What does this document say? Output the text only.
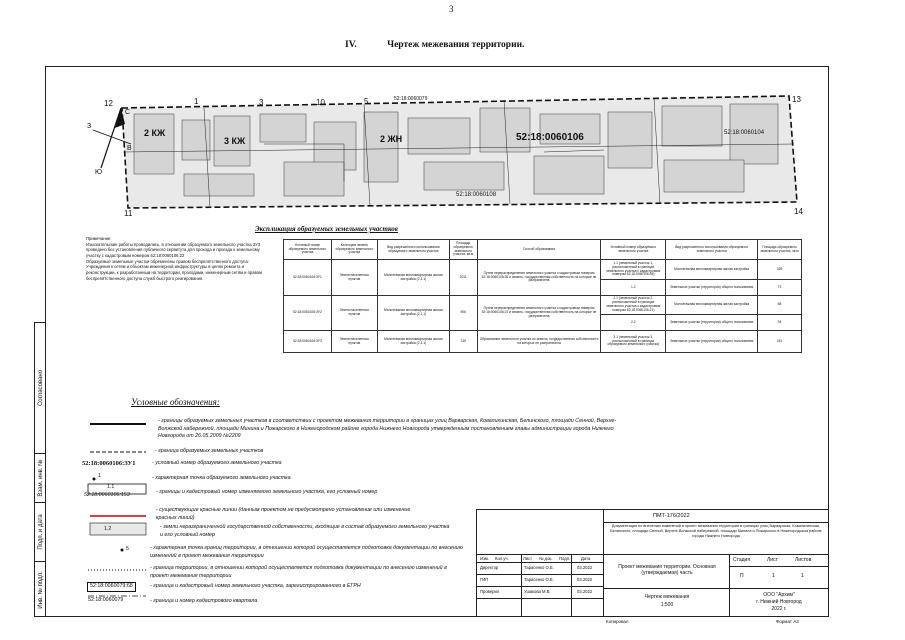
3
IV.	Чертеж межевания территории.
Согласовано
Взам. инв. №
Подп. и дата
Инв. № подл.
12	13
11	14
52:18:0060106
52:18:0060108
52:18:0060104
2 КЖ
3 КЖ	2 ЖН
52:18:0060079
1	3	10	5
С
З
В
Ю
Примечание:
Изыскательские работы проводились, в отношении образуемого земельного участка ЗУ3 проведено без установления публичного сервитута для прохода и проезда к земельному участку с кадастровым номером 52:18:0060106:22
Образуемые земельные участки обременены правом беспрепятственного доступа: Учреждения к сетям и объектам инженерной инфраструктуры в целях ремонта и реконструкции, к разработанным на территории, проходами, инженерным сетям и правом беспрепятственного доступа служб быстрого реагирования.
Экспликация образуемых земельных участков
Условный номер образуемого земельного участка	Категория земель образуемого земельного участка	Вид разрешенного использования образуемого земельного участка	Площадь образуемого земельного участка, кв.м	Способ образования	Условный номер образуемого земельного участка	Вид разрешенного использования образуемого земельного участка	Площадь образуемого земельного участка, кв.м
52:18:0060106:ЗУ1	Земли населенных пунктов	Малоэтажная многоквартирная жилая застройка (2.1.1)	2011	Путем перераспределения земельного участка с кадастровым номером 52:18:0060106:35 и земель, государственная собственность на которые не разграничена	1.1 (земельный участок 1, расположенный в границах земельного участка с кадастровым номером 52:18:0060106:35)	Малоэтажная многоквартирная жилая застройка	329
					1.2	Земельные участки (территории) общего пользования	73
52:18:0060106:ЗУ2	Земли населенных пунктов	Малоэтажная многоквартирная жилая застройка (2.1.1)	906	Путем перераспределения земельного участка с кадастровым номером 52:18:0060106:21 и земель, государственная собственность на которые не разграничена	2.1 (земельный участок 2, расположенный в границах земельного участка с кадастровым номером 52:18:0060106:21)	Малоэтажная многоквартирная жилая застройка	68
					2.2	Земельные участки (территории) общего пользования	94
52:18:0060106:ЗУ3	Земли населенных пунктов	Малоэтажная многоквартирная жилая застройка (2.1.1)	745	Образование земельного участка из земель, государственная собственность на которые не разграничена	3.1 (земельный участок 3, расположенный в границах образуемого земельного участка)	Земельные участки (территории) общего пользования	241
Условные обозначения:
- границы образуемых земельных участков в соответствии с проектом межевания территории в границах улиц Варварская, Ковалихинская, Белинского, площади Сенной, Верхне-Волжской набережной, площади Минина и Пожарского в Нижегородском районе города Нижнего Новгорода утвержденным постановлением главы администрации города Нижнего Новгорода от 26.05.2009 №2209
- граница образуемых земельных участков
52:18:0060106:ЗУ1	- условный номер образуемого земельного участка
1	- характерная точка образуемого земельного участка
1.1
52:18:0060106:153	- границы и кадастровый номер изменяемого земельного участка, его условный номер
- существующие красные линии (данным проектом не предусмотрено установление или изменение красных линий)
1.2	- земли неразграниченной государственной собственности, входящие в состав образуемого земельного участка и его условный номер
5	- характерная точка границ территории, в отношении которой осуществляется подготовка документации по внесению изменений в проект межевания территории
- граница территории, в отношении которой осуществляется подготовка документации по внесению изменений в проект межевания территории
52:18:0060079:68	- граница и кадастровый номер земельного участка, зарегистрированного в ЕГРН
52:18:0060079	- граница и номер кадастрового квартала
ПМТ-176/2022
Документация по внесению изменений в проект межевания территории в границах улиц Варварская, Ковалихинская, Белинского, площади Сенной, Верхне-Волжской набережной, площади Минина и Пожарского в Нижегородском районе города Нижнего Новгорода
Изм. Кол.уч.	Лист № док. Подп.	Дата
Директор	Тарасенко О.Е.	03.2022
ГИП	Тарасенко О.Е.	03.2022
Проверил	Ушакова М.В.	03.2022
Проект межевания территории. Основная (утверждаемая) часть
Чертеж межевания
1:500
Стадия	Лист	Листов
П	1	1
ООО "Архим"
г. Нижний Новгород
2022 г.
Копировал	Формат А3
